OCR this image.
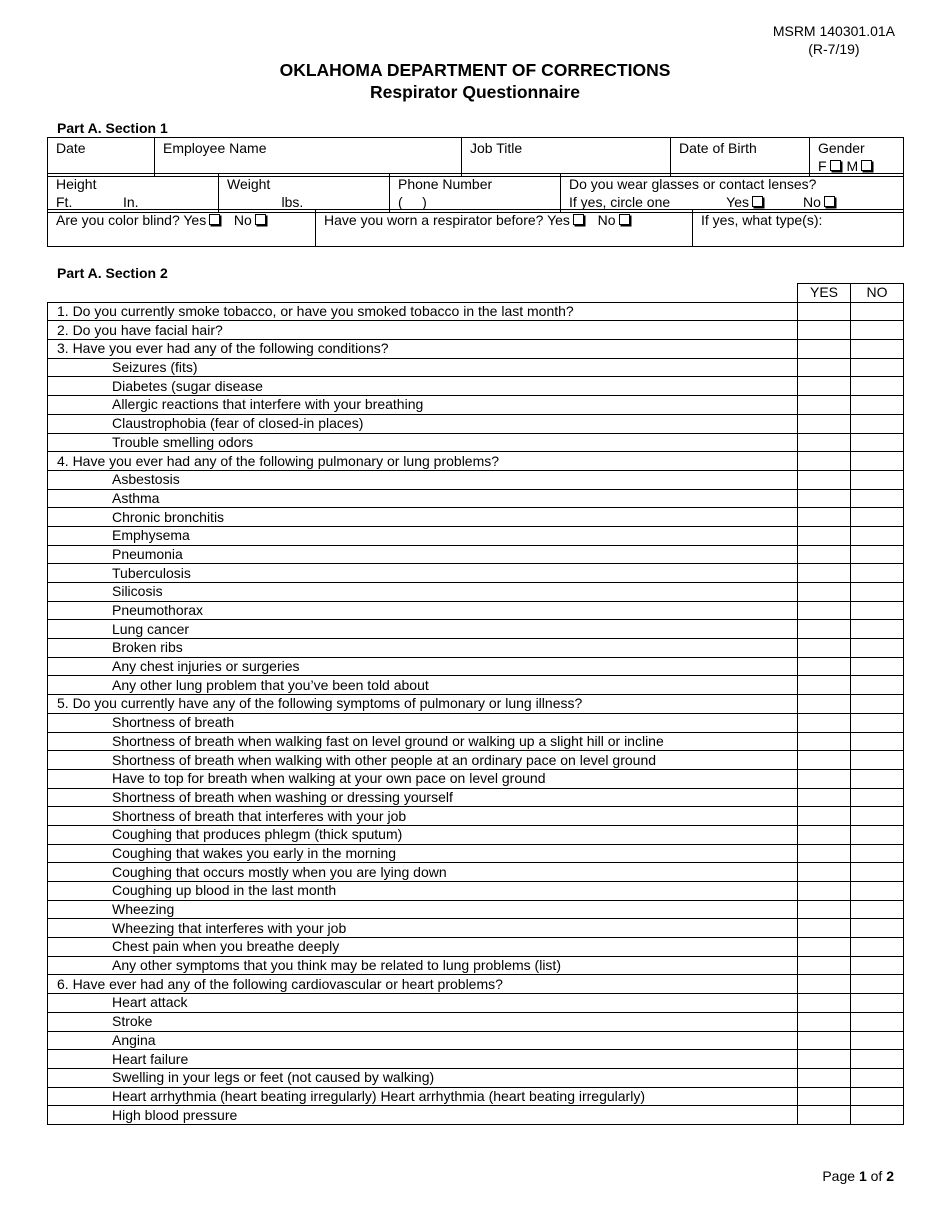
MSRM 140301.01A
(R-7/19)
OKLAHOMA DEPARTMENT OF CORRECTIONS
Respirator Questionnaire
Part A. Section 1
Date	Employee Name	Job Title	Date of Birth	Gender
F M
Height
Ft.____ In.____

Weight
_______lbs.

Phone Number
(     )

Do you wear glasses or contact lenses?
If yes, circle one	Yes	No
Are you color blind? Yes No	Have you worn a respirator before? Yes No	If yes, what type(s):
Part A. Section 2
	YES	NO
1. Do you currently smoke tobacco, or have you smoked tobacco in the last month?		
2. Do you have facial hair?		
3. Have you ever had any of the following conditions?		
Seizures (fits)		
Diabetes (sugar disease		
Allergic reactions that interfere with your breathing		
Claustrophobia (fear of closed-in places)		
Trouble smelling odors		
4. Have you ever had any of the following pulmonary or lung problems?		
Asbestosis		
Asthma		
Chronic bronchitis		
Emphysema		
Pneumonia		
Tuberculosis		
Silicosis		
Pneumothorax		
Lung cancer		
Broken ribs		
Any chest injuries or surgeries		
Any other lung problem that you’ve been told about		
5. Do you currently have any of the following symptoms of pulmonary or lung illness?		
Shortness of breath		
Shortness of breath when walking fast on level ground or walking up a slight hill or incline		
Shortness of breath when walking with other people at an ordinary pace on level ground		
Have to top for breath when walking at your own pace on level ground		
Shortness of breath when washing or dressing yourself		
Shortness of breath that interferes with your job		
Coughing that produces phlegm (thick sputum)		
Coughing that wakes you early in the morning		
Coughing that occurs mostly when you are lying down		
Coughing up blood in the last month		
Wheezing		
Wheezing that interferes with your job		
Chest pain when you breathe deeply		
Any other symptoms that you think may be related to lung problems (list)		
6. Have ever had any of the following cardiovascular or heart problems?		
Heart attack		
Stroke		
Angina		
Heart failure		
Swelling in your legs or feet (not caused by walking)		
Heart arrhythmia (heart beating irregularly) Heart arrhythmia (heart beating irregularly)		
High blood pressure		
Page 1 of 2
